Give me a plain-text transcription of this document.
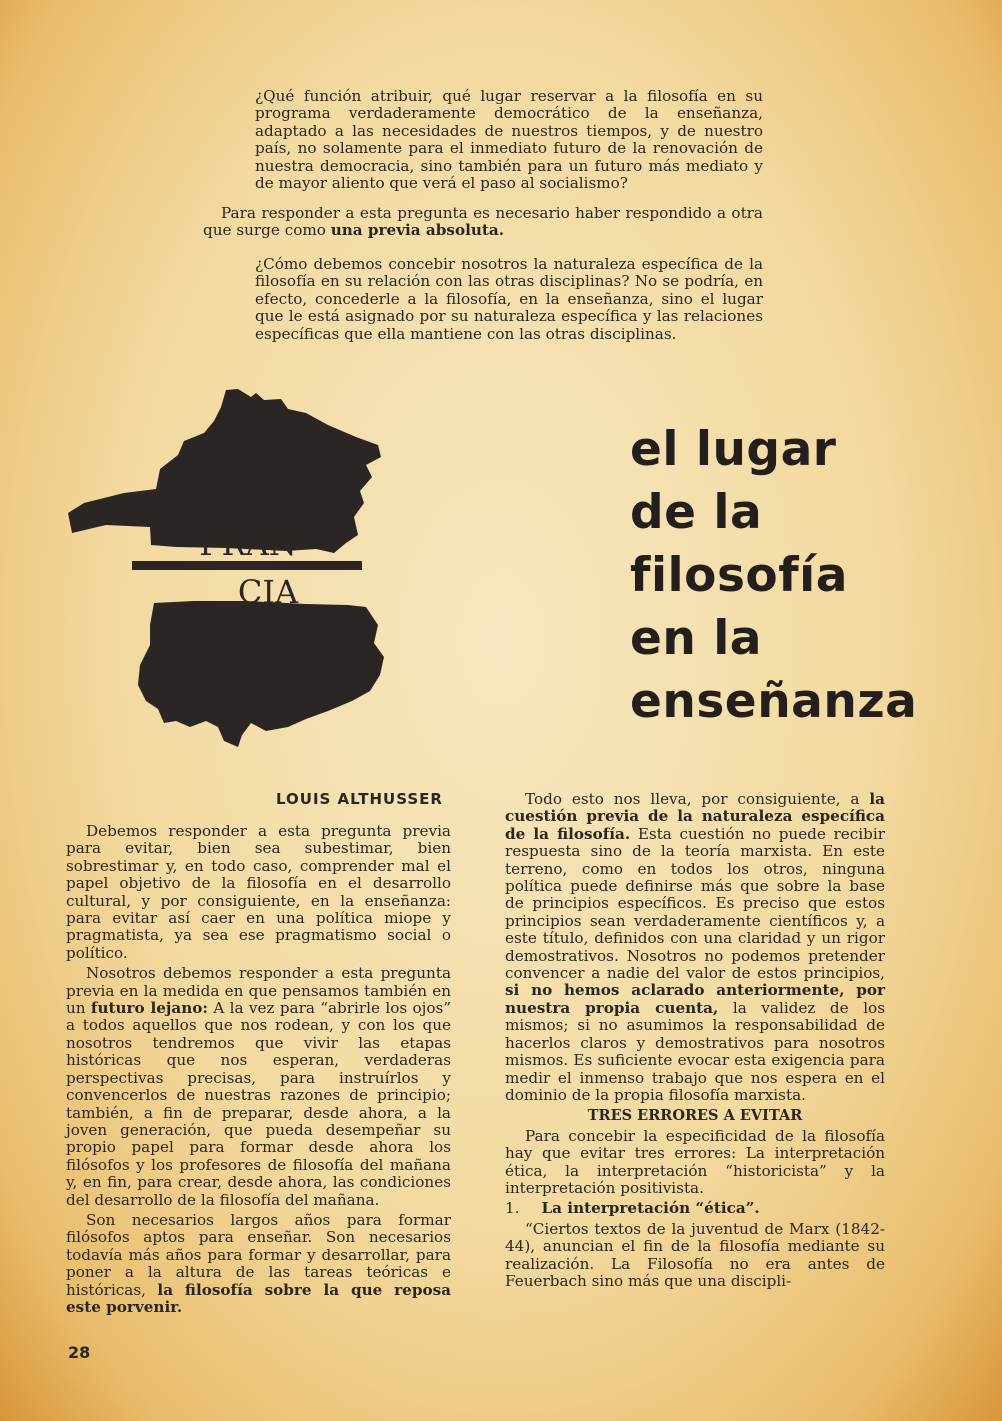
¿Qué función atribuir, qué lugar reservar a la filosofía en su programa verdaderamente democrático de la enseñanza, adaptado a las necesidades de nuestros tiempos, y de nuestro país, no solamente para el inmediato futuro de la renovación de nuestra democracia, sino también para un futuro más mediato y de mayor aliento que verá el paso al socialismo?

Para responder a esta pregunta es necesario haber respondido a otra que surge como una previa absoluta.

¿Cómo debemos concebir nosotros la naturaleza específica de la filosofía en su relación con las otras disciplinas? No se podría, en efecto, concederle a la filosofía, en la enseñanza, sino el lugar que le está asignado por su naturaleza específica y las relaciones específicas que ella mantiene con las otras disciplinas.

FRAN
CIA
el lugar
de la
filosofía
en la
enseñanza
LOUIS ALTHUSSER

Debemos responder a esta pregunta previa para evitar, bien sea subestimar, bien sobrestimar y, en todo caso, comprender mal el papel objetivo de la filosofía en el desarrollo cultural, y por consiguiente, en la enseñanza: para evitar así caer en una política miope y pragmatista, ya sea ese pragmatismo social o político.

Nosotros debemos responder a esta pregunta previa en la medida en que pensamos también en un futuro lejano: A la vez para “abrirle los ojos” a todos aquellos que nos rodean, y con los que nosotros tendremos que vivir las etapas históricas que nos esperan, verdaderas perspectivas precisas, para instruírlos y convencerlos de nuestras razones de principio; también, a fin de preparar, desde ahora, a la joven generación, que pueda desempeñar su propio papel para formar desde ahora los filósofos y los profesores de filosofía del mañana y, en fin, para crear, desde ahora, las condiciones del desarrollo de la filosofía del mañana.

Son necesarios largos años para formar filósofos aptos para enseñar. Son necesarios todavía más años para formar y desarrollar, para poner a la altura de las tareas teóricas e históricas, la filosofía sobre la que reposa este porvenir.

Todo esto nos lleva, por consiguiente, a la cuestión previa de la naturaleza específica de la filosofía. Esta cuestión no puede recibir respuesta sino de la teoría marxista. En este terreno, como en todos los otros, ninguna política puede definirse más que sobre la base de principios específicos. Es preciso que estos principios sean verdaderamente científicos y, a este título, definidos con una claridad y un rigor demostrativos. Nosotros no podemos pretender convencer a nadie del valor de estos principios, si no hemos aclarado anteriormente, por nuestra propia cuenta, la validez de los mismos; si no asumimos la responsabilidad de hacerlos claros y demostrativos para nosotros mismos. Es suficiente evocar esta exigencia para medir el inmenso trabajo que nos espera en el dominio de la propia filosofía marxista.

TRES ERRORES A EVITAR

Para concebir la especificidad de la filosofía hay que evitar tres errores: La interpretación ética, la interpretación “historicista” y la interpretación positivista.

1. La interpretación “ética”.

“Ciertos textos de la juventud de Marx (1842-44), anuncian el fin de la filosofía mediante su realización. La Filosofía no era antes de Feuerbach sino más que una discipli-

28
